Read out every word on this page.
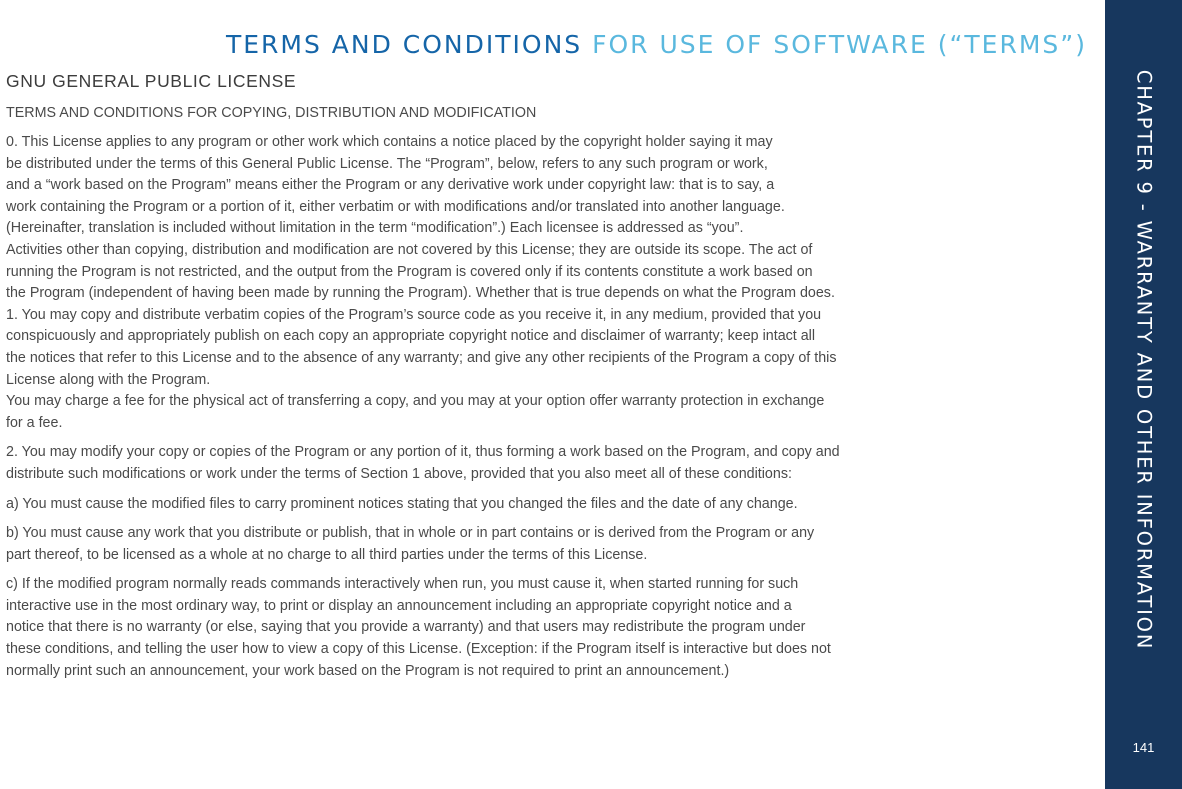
TERMS AND CONDITIONS FOR USE OF SOFTWARE (“TERMS”)
GNU GENERAL PUBLIC LICENSE

TERMS AND CONDITIONS FOR COPYING, DISTRIBUTION AND MODIFICATION

0. This License applies to any program or other work which contains a notice placed by the copyright holder saying it may
be distributed under the terms of this General Public License. The “Program”, below, refers to any such program or work,
and a “work based on the Program” means either the Program or any derivative work under copyright law: that is to say, a
work containing the Program or a portion of it, either verbatim or with modifications and/or translated into another language.
(Hereinafter, translation is included without limitation in the term “modification”.) Each licensee is addressed as “you”.
Activities other than copying, distribution and modification are not covered by this License; they are outside its scope. The act of
running the Program is not restricted, and the output from the Program is covered only if its contents constitute a work based on
the Program (independent of having been made by running the Program). Whether that is true depends on what the Program does.
1. You may copy and distribute verbatim copies of the Program’s source code as you receive it, in any medium, provided that you
conspicuously and appropriately publish on each copy an appropriate copyright notice and disclaimer of warranty; keep intact all
the notices that refer to this License and to the absence of any warranty; and give any other recipients of the Program a copy of this
License along with the Program.
You may charge a fee for the physical act of transferring a copy, and you may at your option offer warranty protection in exchange
for a fee.

2. You may modify your copy or copies of the Program or any portion of it, thus forming a work based on the Program, and copy and
distribute such modifications or work under the terms of Section 1 above, provided that you also meet all of these conditions:

a) You must cause the modified files to carry prominent notices stating that you changed the files and the date of any change.

b) You must cause any work that you distribute or publish, that in whole or in part contains or is derived from the Program or any
part thereof, to be licensed as a whole at no charge to all third parties under the terms of this License.

c) If the modified program normally reads commands interactively when run, you must cause it, when started running for such
interactive use in the most ordinary way, to print or display an announcement including an appropriate copyright notice and a
notice that there is no warranty (or else, saying that you provide a warranty) and that users may redistribute the program under
these conditions, and telling the user how to view a copy of this License. (Exception: if the Program itself is interactive but does not
normally print such an announcement, your work based on the Program is not required to print an announcement.)

CHAPTER 9 - WARRANTY AND OTHER INFORMATION
141
